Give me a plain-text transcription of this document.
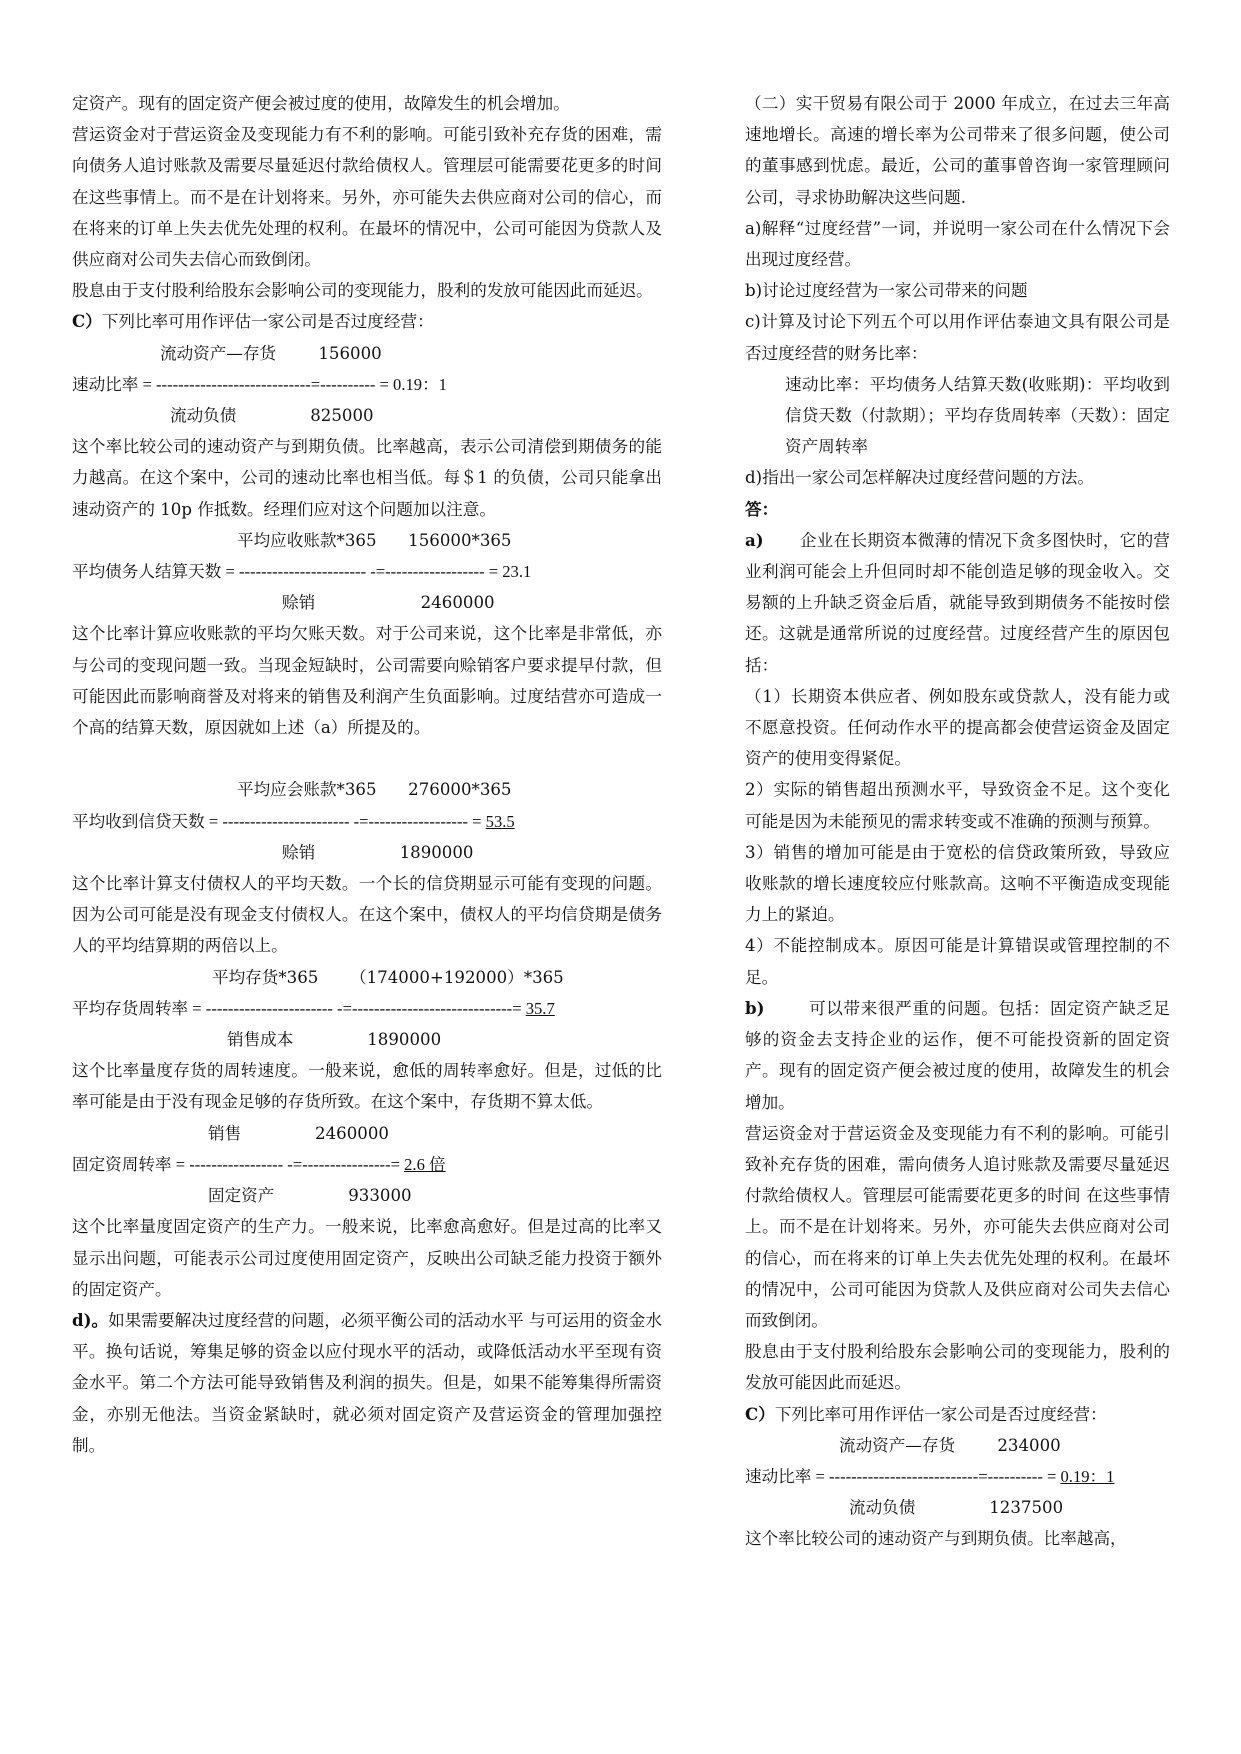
定资产。现有的固定资产便会被过度的使用，故障发生的机会增加。

营运资金对于营运资金及变现能力有不利的影响。可能引致补充存货的困难，需向债务人追讨账款及需要尽量延迟付款给债权人。管理层可能需要花更多的时间 在这些事情上。而不是在计划将来。另外，亦可能失去供应商对公司的信心，而在将来的订单上失去优先处理的权利。在最坏的情况中，公司可能因为贷款人及供应商对公司失去信心而致倒闭。

股息由于支付股利给股东会影响公司的变现能力，股利的发放可能因此而延迟。

C）下列比率可用作评估一家公司是否过度经营：

流动资产—存货        156000
速动比率 = ----------------------------=---------- = 0.19：1
流动负债              825000

这个率比较公司的速动资产与到期负债。比率越高，表示公司清偿到期债务的能力越高。在这个案中，公司的速动比率也相当低。每＄1 的负债，公司只能拿出速动资产的 10p 作抵数。经理们应对这个问题加以注意。

平均应收账款*365      156000*365
平均债务人结算天数 = ----------------------- -=------------------ = 23.1
赊销                    2460000

这个比率计算应收账款的平均欠账天数。对于公司来说，这个比率是非常低，亦与公司的变现问题一致。当现金短缺时，公司需要向赊销客户要求提早付款，但可能因此而影响商誉及对将来的销售及利润产生负面影响。过度结营亦可造成一个高的结算天数，原因就如上述（a）所提及的。

平均应会账款*365      276000*365
平均收到信贷天数 = ----------------------- -=------------------ = 53.5
赊销                1890000

这个比率计算支付债权人的平均天数。一个长的信贷期显示可能有变现的问题。因为公司可能是没有现金支付债权人。在这个案中，债权人的平均信贷期是债务人的平均结算期的两倍以上。

平均存货*365      （174000+192000）*365
平均存货周转率 = ----------------------- -=-----------------------------= 35.7
销售成本              1890000

这个比率量度存货的周转速度。一般来说，愈低的周转率愈好。但是，过低的比率可能是由于没有现金足够的存货所致。在这个案中，存货期不算太低。

销售              2460000
固定资周转率 = ----------------- -=----------------= 2.6 倍
固定资产              933000

这个比率量度固定资产的生产力。一般来说，比率愈高愈好。但是过高的比率又显示出问题，可能表示公司过度使用固定资产，反映出公司缺乏能力投资于额外的固定资产。

d)。如果需要解决过度经营的问题，必须平衡公司的活动水平 与可运用的资金水平。换句话说，筹集足够的资金以应付现水平的活动，或降低活动水平至现有资金水平。第二个方法可能导致销售及利润的损失。但是，如果不能筹集得所需资金，亦别无他法。当资金紧缺时，就必须对固定资产及营运资金的管理加强控制。

（二）实干贸易有限公司于 2000 年成立，在过去三年高速地增长。高速的增长率为公司带来了很多问题，使公司的董事感到忧虑。最近，公司的董事曾咨询一家管理顾问公司，寻求协助解决这些问题.

a)解释“过度经营”一词，并说明一家公司在什么情况下会出现过度经营。

b)讨论过度经营为一家公司带来的问题

c)计算及讨论下列五个可以用作评估泰迪文具有限公司是否过度经营的财务比率：

速动比率：平均债务人结算天数(收账期)：平均收到信贷天数（付款期）；平均存货周转率（天数）：固定资产周转率

d)指出一家公司怎样解决过度经营问题的方法。

答：

a) 企业在长期资本微薄的情况下贪多图快时，它的营业利润可能会上升但同时却不能创造足够的现金收入。交易额的上升缺乏资金后盾，就能导致到期债务不能按时偿还。这就是通常所说的过度经营。过度经营产生的原因包括：

（1）长期资本供应者、例如股东或贷款人，没有能力或不愿意投资。任何动作水平的提高都会使营运资金及固定资产的使用变得紧促。

2）实际的销售超出预测水平，导致资金不足。这个变化可能是因为未能预见的需求转变或不准确的预测与预算。

3）销售的增加可能是由于宽松的信贷政策所致，导致应收账款的增长速度较应付账款高。这响不平衡造成变现能力上的紧迫。

4）不能控制成本。原因可能是计算错误或管理控制的不足。

b)	可以带来很严重的问题。包括：固定资产缺乏足够的资金去支持企业的运作，便不可能投资新的固定资产。现有的固定资产便会被过度的使用，故障发生的机会增加。

营运资金对于营运资金及变现能力有不利的影响。可能引致补充存货的困难，需向债务人追讨账款及需要尽量延迟付款给债权人。管理层可能需要花更多的时间 在这些事情上。而不是在计划将来。另外，亦可能失去供应商对公司的信心，而在将来的订单上失去优先处理的权利。在最坏的情况中，公司可能因为贷款人及供应商对公司失去信心而致倒闭。

股息由于支付股利给股东会影响公司的变现能力，股利的发放可能因此而延迟。

C）下列比率可用作评估一家公司是否过度经营：

流动资产—存货        234000
速动比率 = ---------------------------=---------- = 0.19：1
流动负债              1237500

这个率比较公司的速动资产与到期负债。比率越高，
